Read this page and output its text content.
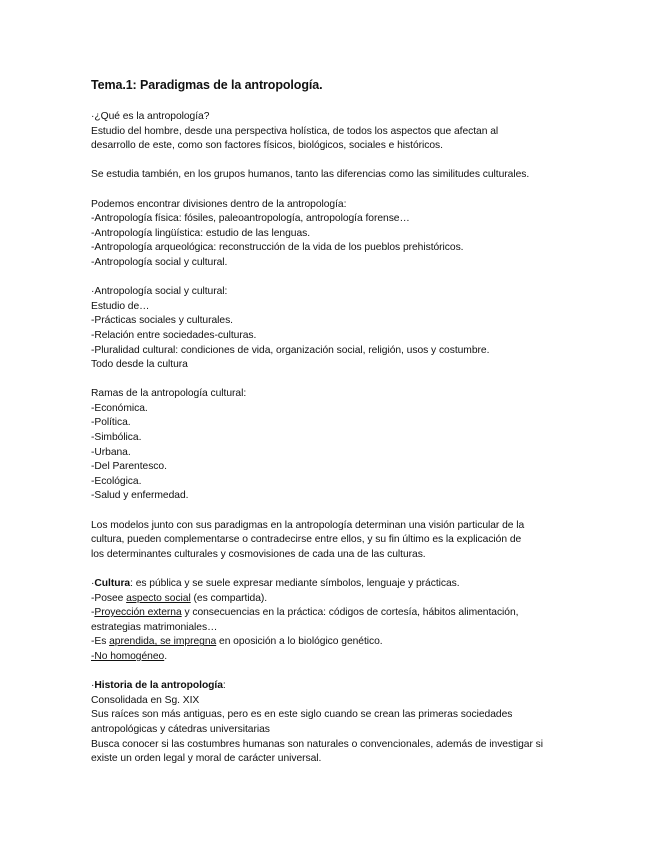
Tema.1: Paradigmas de la antropología.
·¿Qué es la antropología?
Estudio del hombre, desde una perspectiva holística, de todos los aspectos que afectan al
desarrollo de este, como son factores físicos, biológicos, sociales e históricos.
Se estudia también, en los grupos humanos, tanto las diferencias como las similitudes culturales.
Podemos encontrar divisiones dentro de la antropología:
-Antropología física: fósiles, paleoantropología, antropología forense…
-Antropología lingüística: estudio de las lenguas.
-Antropología arqueológica: reconstrucción de la vida de los pueblos prehistóricos.
-Antropología social y cultural.
·Antropología social y cultural:
Estudio de…
-Prácticas sociales y culturales.
-Relación entre sociedades-culturas.
-Pluralidad cultural: condiciones de vida, organización social, religión, usos y costumbre.
Todo desde la cultura
Ramas de la antropología cultural:
-Económica.
-Política.
-Simbólica.
-Urbana.
-Del Parentesco.
-Ecológica.
-Salud y enfermedad.
Los modelos junto con sus paradigmas en la antropología determinan una visión particular de la
cultura, pueden complementarse o contradecirse entre ellos, y su fin último es la explicación de
los determinantes culturales y cosmovisiones de cada una de las culturas.
·Cultura: es pública y se suele expresar mediante símbolos, lenguaje y prácticas.
-Posee aspecto social (es compartida).
-Proyección externa y consecuencias en la práctica: códigos de cortesía, hábitos alimentación,
estrategias matrimoniales…
-Es aprendida, se impregna en oposición a lo biológico genético.
-No homogéneo.
·Historia de la antropología:
Consolidada en Sg. XIX
Sus raíces son más antiguas, pero es en este siglo cuando se crean las primeras sociedades
antropológicas y cátedras universitarias
Busca conocer si las costumbres humanas son naturales o convencionales, además de investigar si
existe un orden legal y moral de carácter universal.
